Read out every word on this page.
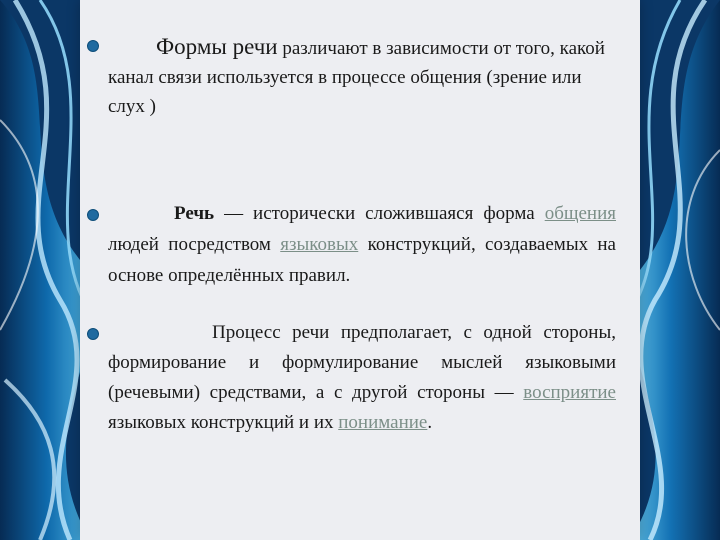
Формы речи различают в зависимости от того, какой канал связи используется в процессе общения (зрение или слух )
Речь — исторически сложившаяся форма общения людей посредством языковых конструкций, создаваемых на основе определённых правил.
Процесс речи предполагает, с одной стороны, формирование и формулирование мыслей языковыми (речевыми) средствами, а с другой стороны — восприятие языковых конструкций и их понимание.
